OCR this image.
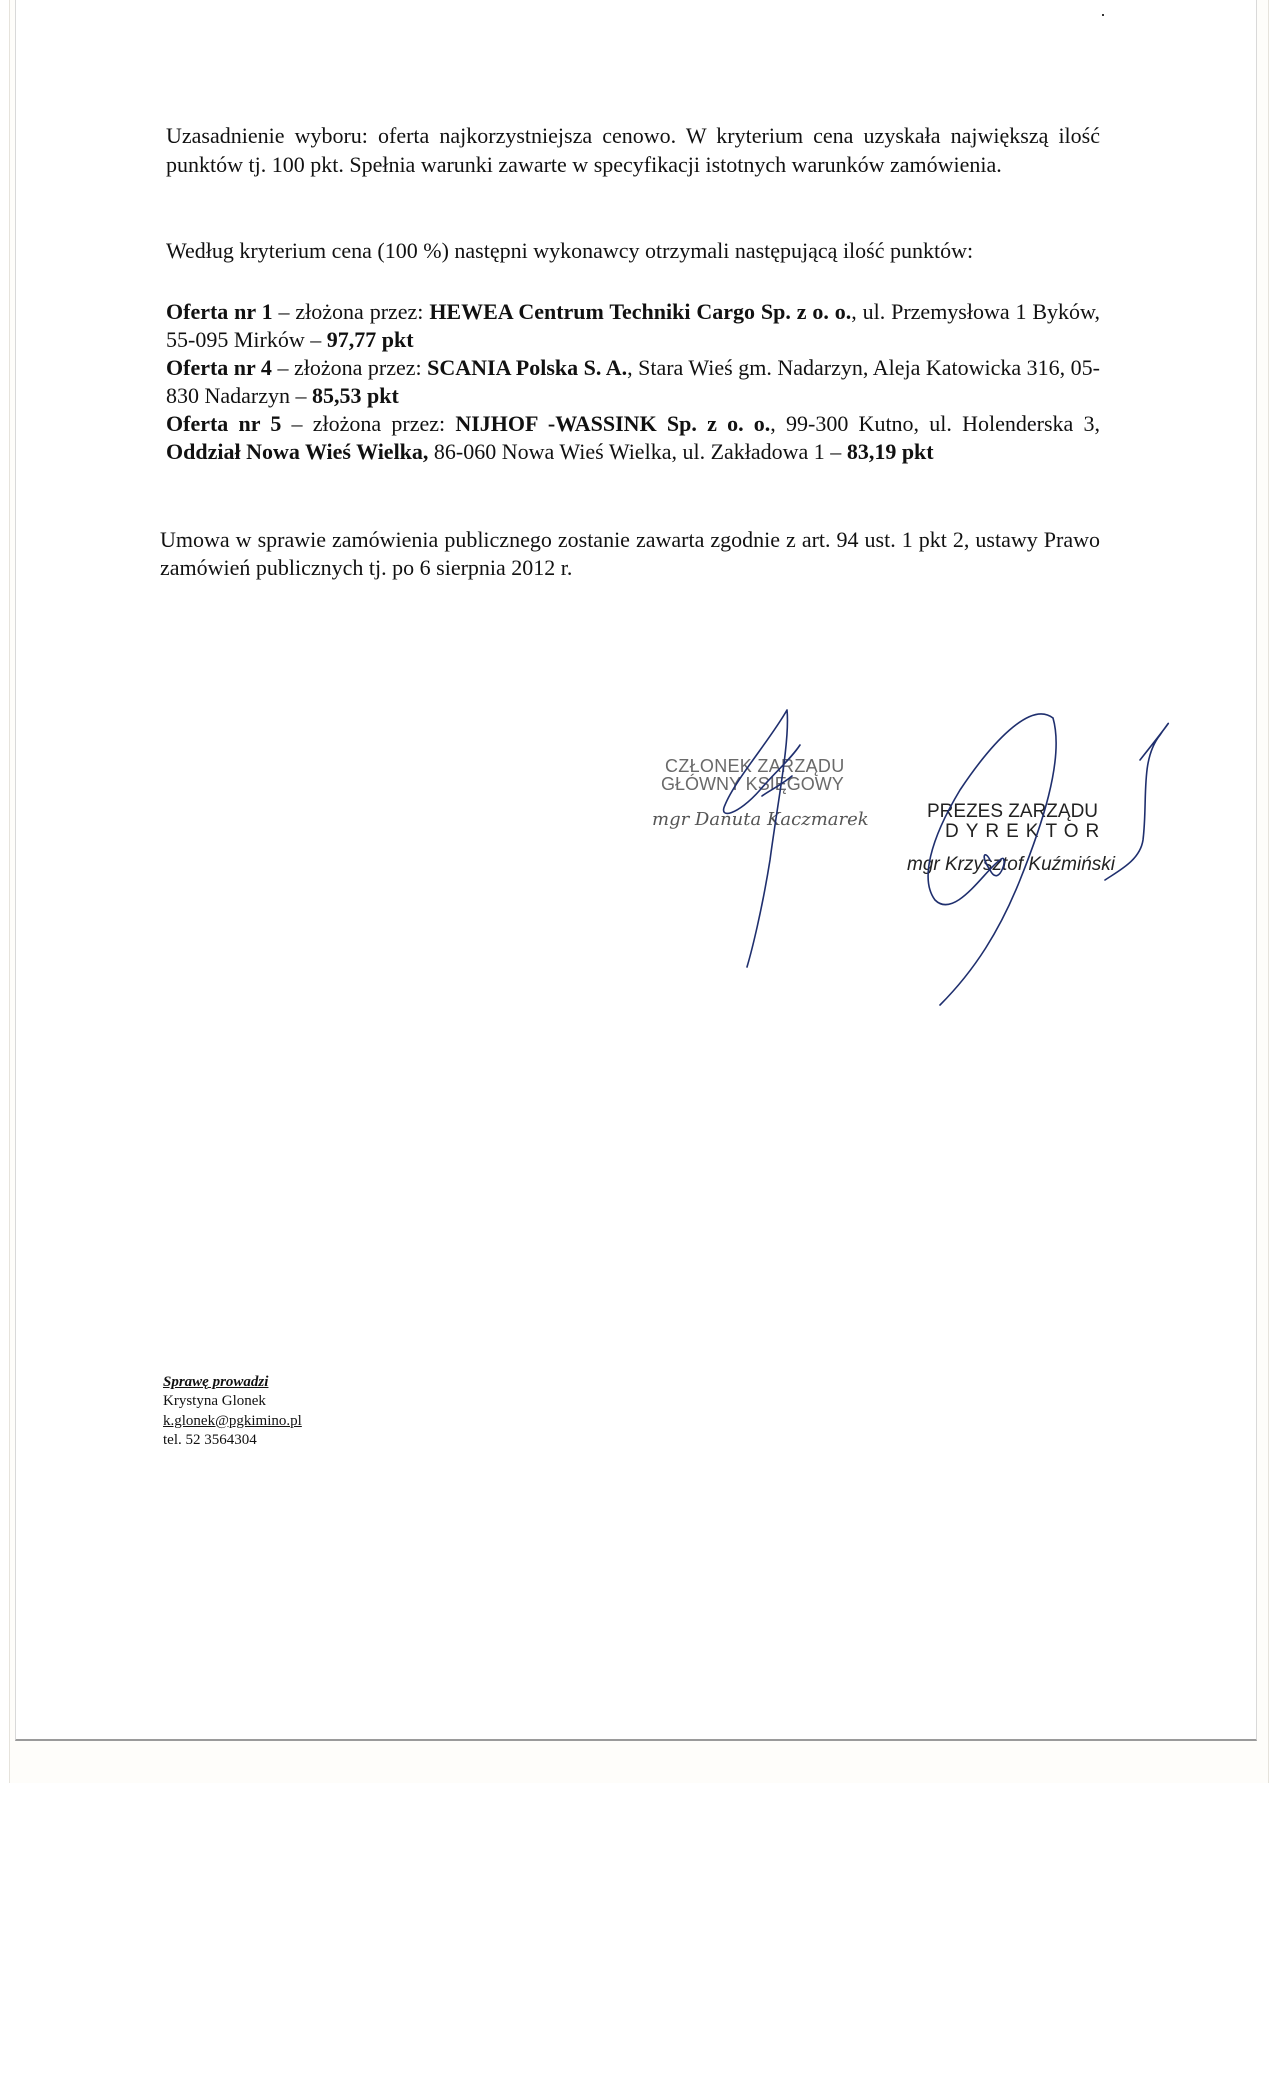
Uzasadnienie wyboru: oferta najkorzystniejsza cenowo. W kryterium cena uzyskała największą ilość punktów tj. 100 pkt. Spełnia warunki zawarte w specyfikacji istotnych warunków zamówienia.

Według kryterium cena (100 %) następni wykonawcy otrzymali następującą ilość punktów:

Oferta nr 1 – złożona przez: HEWEA Centrum Techniki Cargo Sp. z o. o., ul. Przemysłowa 1 Byków, 55-095 Mirków – 97,77 pkt
Oferta nr 4 – złożona przez: SCANIA Polska S. A., Stara Wieś gm. Nadarzyn, Aleja Katowicka 316, 05-830 Nadarzyn – 85,53 pkt
Oferta nr 5 – złożona przez: NIJHOF -WASSINK Sp. z o. o., 99-300 Kutno, ul. Holenderska 3, Oddział Nowa Wieś Wielka, 86-060 Nowa Wieś Wielka, ul. Zakładowa 1 – 83,19 pkt

Umowa w sprawie zamówienia publicznego zostanie zawarta zgodnie z art. 94 ust. 1 pkt 2, ustawy Prawo zamówień publicznych tj. po 6 sierpnia 2012 r.

CZŁONEK ZARZĄDU
GŁÓWNY KSIĘGOWY
mgr Danuta Kaczmarek	PREZES ZARZĄDU
DYREKTOR
mgr Krzysztof Kuźmiński
Sprawę prowadzi
Krystyna Glonek
k.glonek@pgkimino.pl
tel. 52 3564304
